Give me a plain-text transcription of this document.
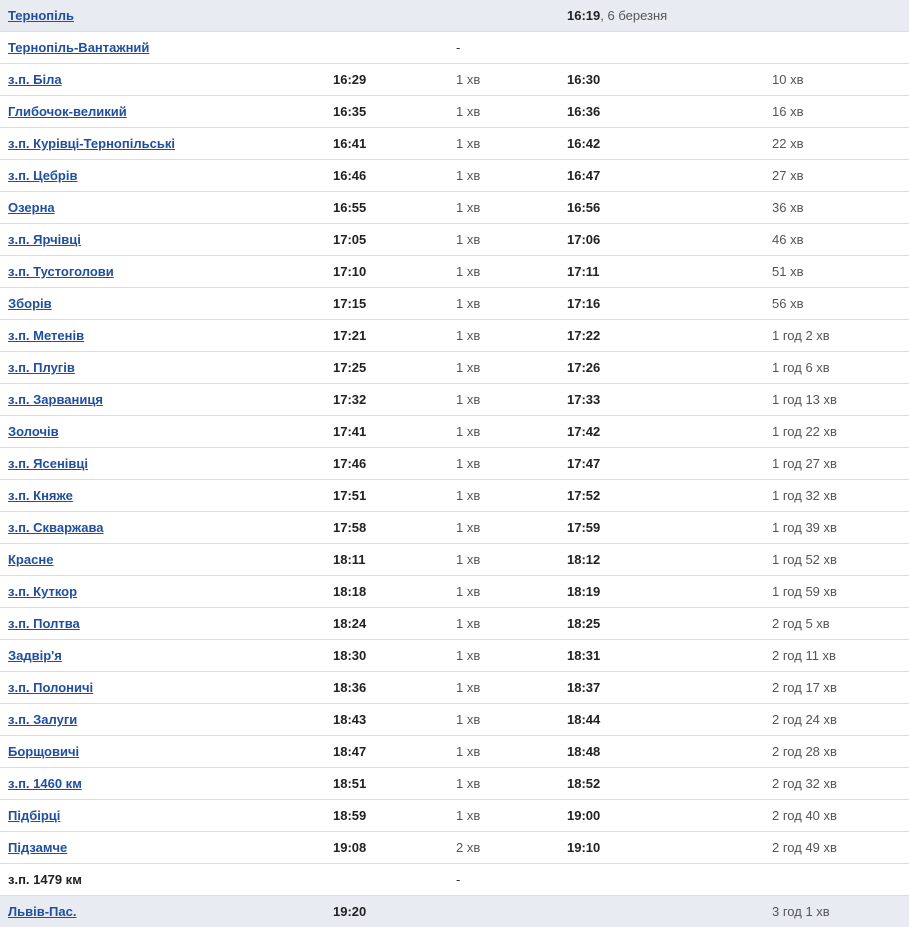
Тернопіль			16:19, 6 березня	
Тернопіль-Вантажний		-		
з.п. Біла	16:29	1 хв	16:30	10 хв
Глибочок-великий	16:35	1 хв	16:36	16 хв
з.п. Курівці-Тернопільські	16:41	1 хв	16:42	22 хв
з.п. Цебрів	16:46	1 хв	16:47	27 хв
Озерна	16:55	1 хв	16:56	36 хв
з.п. Ярчівці	17:05	1 хв	17:06	46 хв
з.п. Тустоголови	17:10	1 хв	17:11	51 хв
Зборів	17:15	1 хв	17:16	56 хв
з.п. Метенів	17:21	1 хв	17:22	1 год 2 хв
з.п. Плугів	17:25	1 хв	17:26	1 год 6 хв
з.п. Зарваниця	17:32	1 хв	17:33	1 год 13 хв
Золочів	17:41	1 хв	17:42	1 год 22 хв
з.п. Ясенівці	17:46	1 хв	17:47	1 год 27 хв
з.п. Княже	17:51	1 хв	17:52	1 год 32 хв
з.п. Скваржава	17:58	1 хв	17:59	1 год 39 хв
Красне	18:11	1 хв	18:12	1 год 52 хв
з.п. Куткор	18:18	1 хв	18:19	1 год 59 хв
з.п. Полтва	18:24	1 хв	18:25	2 год 5 хв
Задвір'я	18:30	1 хв	18:31	2 год 11 хв
з.п. Полоничі	18:36	1 хв	18:37	2 год 17 хв
з.п. Залуги	18:43	1 хв	18:44	2 год 24 хв
Борщовичі	18:47	1 хв	18:48	2 год 28 хв
з.п. 1460 км	18:51	1 хв	18:52	2 год 32 хв
Підбірці	18:59	1 хв	19:00	2 год 40 хв
Підзамче	19:08	2 хв	19:10	2 год 49 хв
з.п. 1479 км		-		
Львів-Пас.	19:20			3 год 1 хв
